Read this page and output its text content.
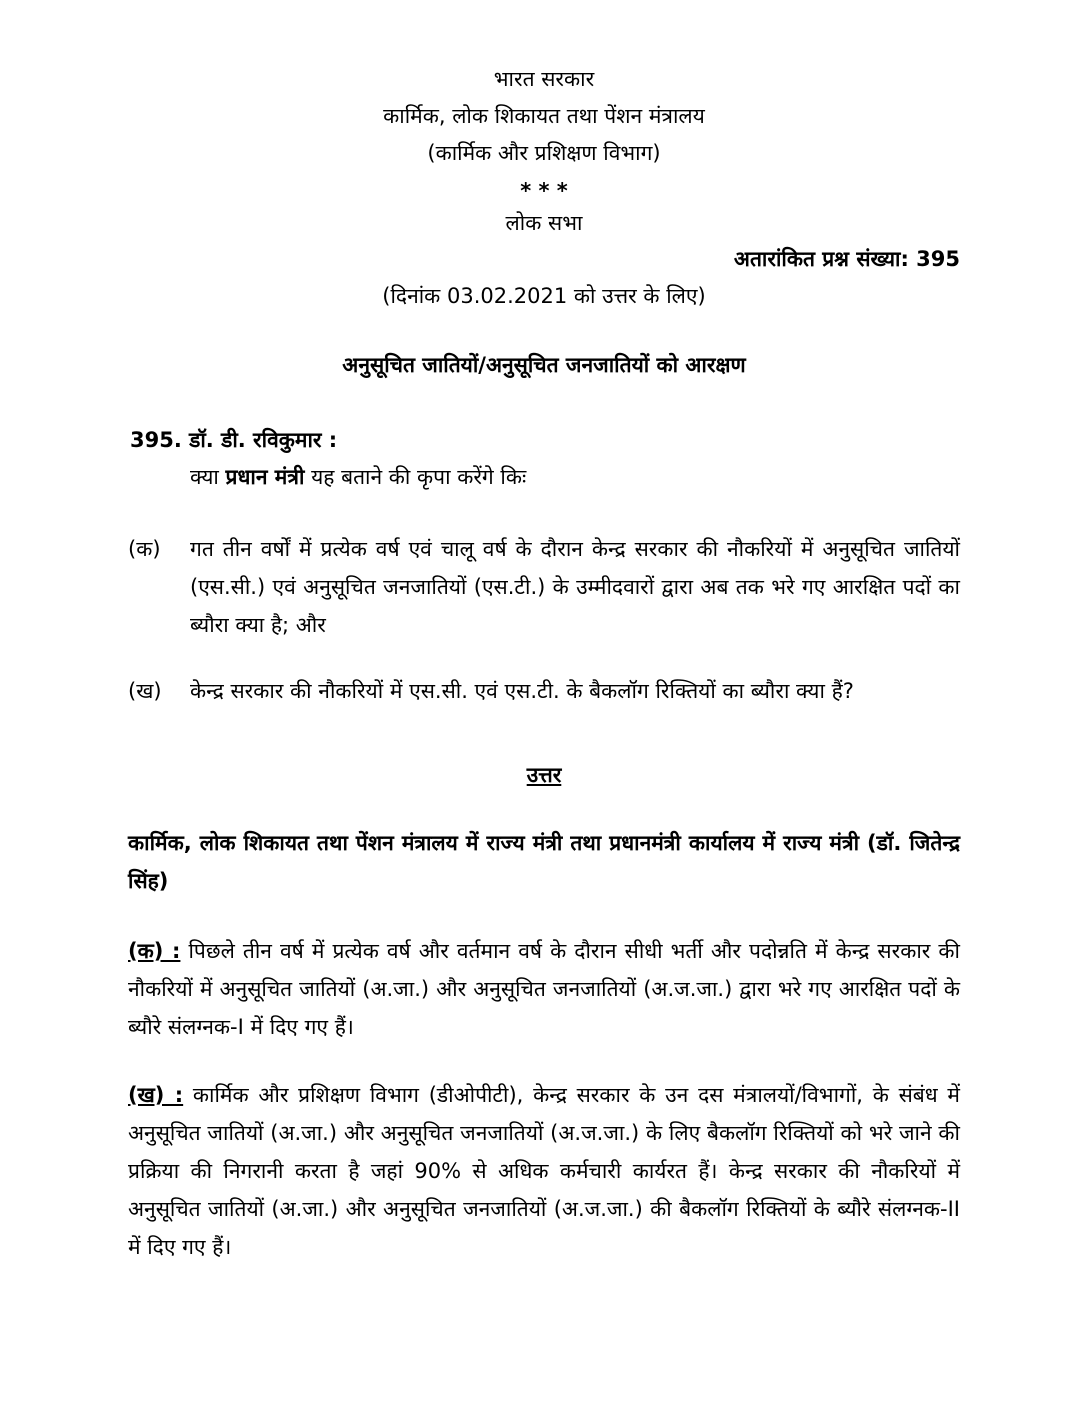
भारत सरकार
कार्मिक, लोक शिकायत तथा पेंशन मंत्रालय
(कार्मिक और प्रशिक्षण विभाग)
* * *
लोक सभा
अतारांकित प्रश्न संख्या: 395
(दिनांक 03.02.2021 को उत्तर के लिए)
अनुसूचित जातियों/अनुसूचित जनजातियों को आरक्षण
395. डॉ. डी. रविकुमार :
क्या प्रधान मंत्री यह बताने की कृपा करेंगे किः
(क)	गत तीन वर्षों में प्रत्येक वर्ष एवं चालू वर्ष के दौरान केन्द्र सरकार की नौकरियों में अनुसूचित जातियों (एस.सी.) एवं अनुसूचित जनजातियों (एस.टी.) के उम्मीदवारों द्वारा अब तक भरे गए आरक्षित पदों का ब्यौरा क्या है; और
(ख)	केन्द्र सरकार की नौकरियों में एस.सी. एवं एस.टी. के बैकलॉग रिक्तियों का ब्यौरा क्या हैं?
उत्तर
कार्मिक, लोक शिकायत तथा पेंशन मंत्रालय में राज्य मंत्री तथा प्रधानमंत्री कार्यालय में राज्य मंत्री (डॉ. जितेन्द्र सिंह)
(क) : पिछले तीन वर्ष में प्रत्येक वर्ष और वर्तमान वर्ष के दौरान सीधी भर्ती और पदोन्नति में केन्द्र सरकार की नौकरियों में अनुसूचित जातियों (अ.जा.) और अनुसूचित जनजातियों (अ.ज.जा.) द्वारा भरे गए आरक्षित पदों के ब्यौरे संलग्नक-I में दिए गए हैं।
(ख) : कार्मिक और प्रशिक्षण विभाग (डीओपीटी), केन्द्र सरकार के उन दस मंत्रालयों/विभागों, के संबंध में अनुसूचित जातियों (अ.जा.) और अनुसूचित जनजातियों (अ.ज.जा.) के लिए बैकलॉग रिक्तियों को भरे जाने की प्रक्रिया की निगरानी करता है जहां 90% से अधिक कर्मचारी कार्यरत हैं। केन्द्र सरकार की नौकरियों में अनुसूचित जातियों (अ.जा.) और अनुसूचित जनजातियों (अ.ज.जा.) की बैकलॉग रिक्तियों के ब्यौरे संलग्नक-II में दिए गए हैं।
